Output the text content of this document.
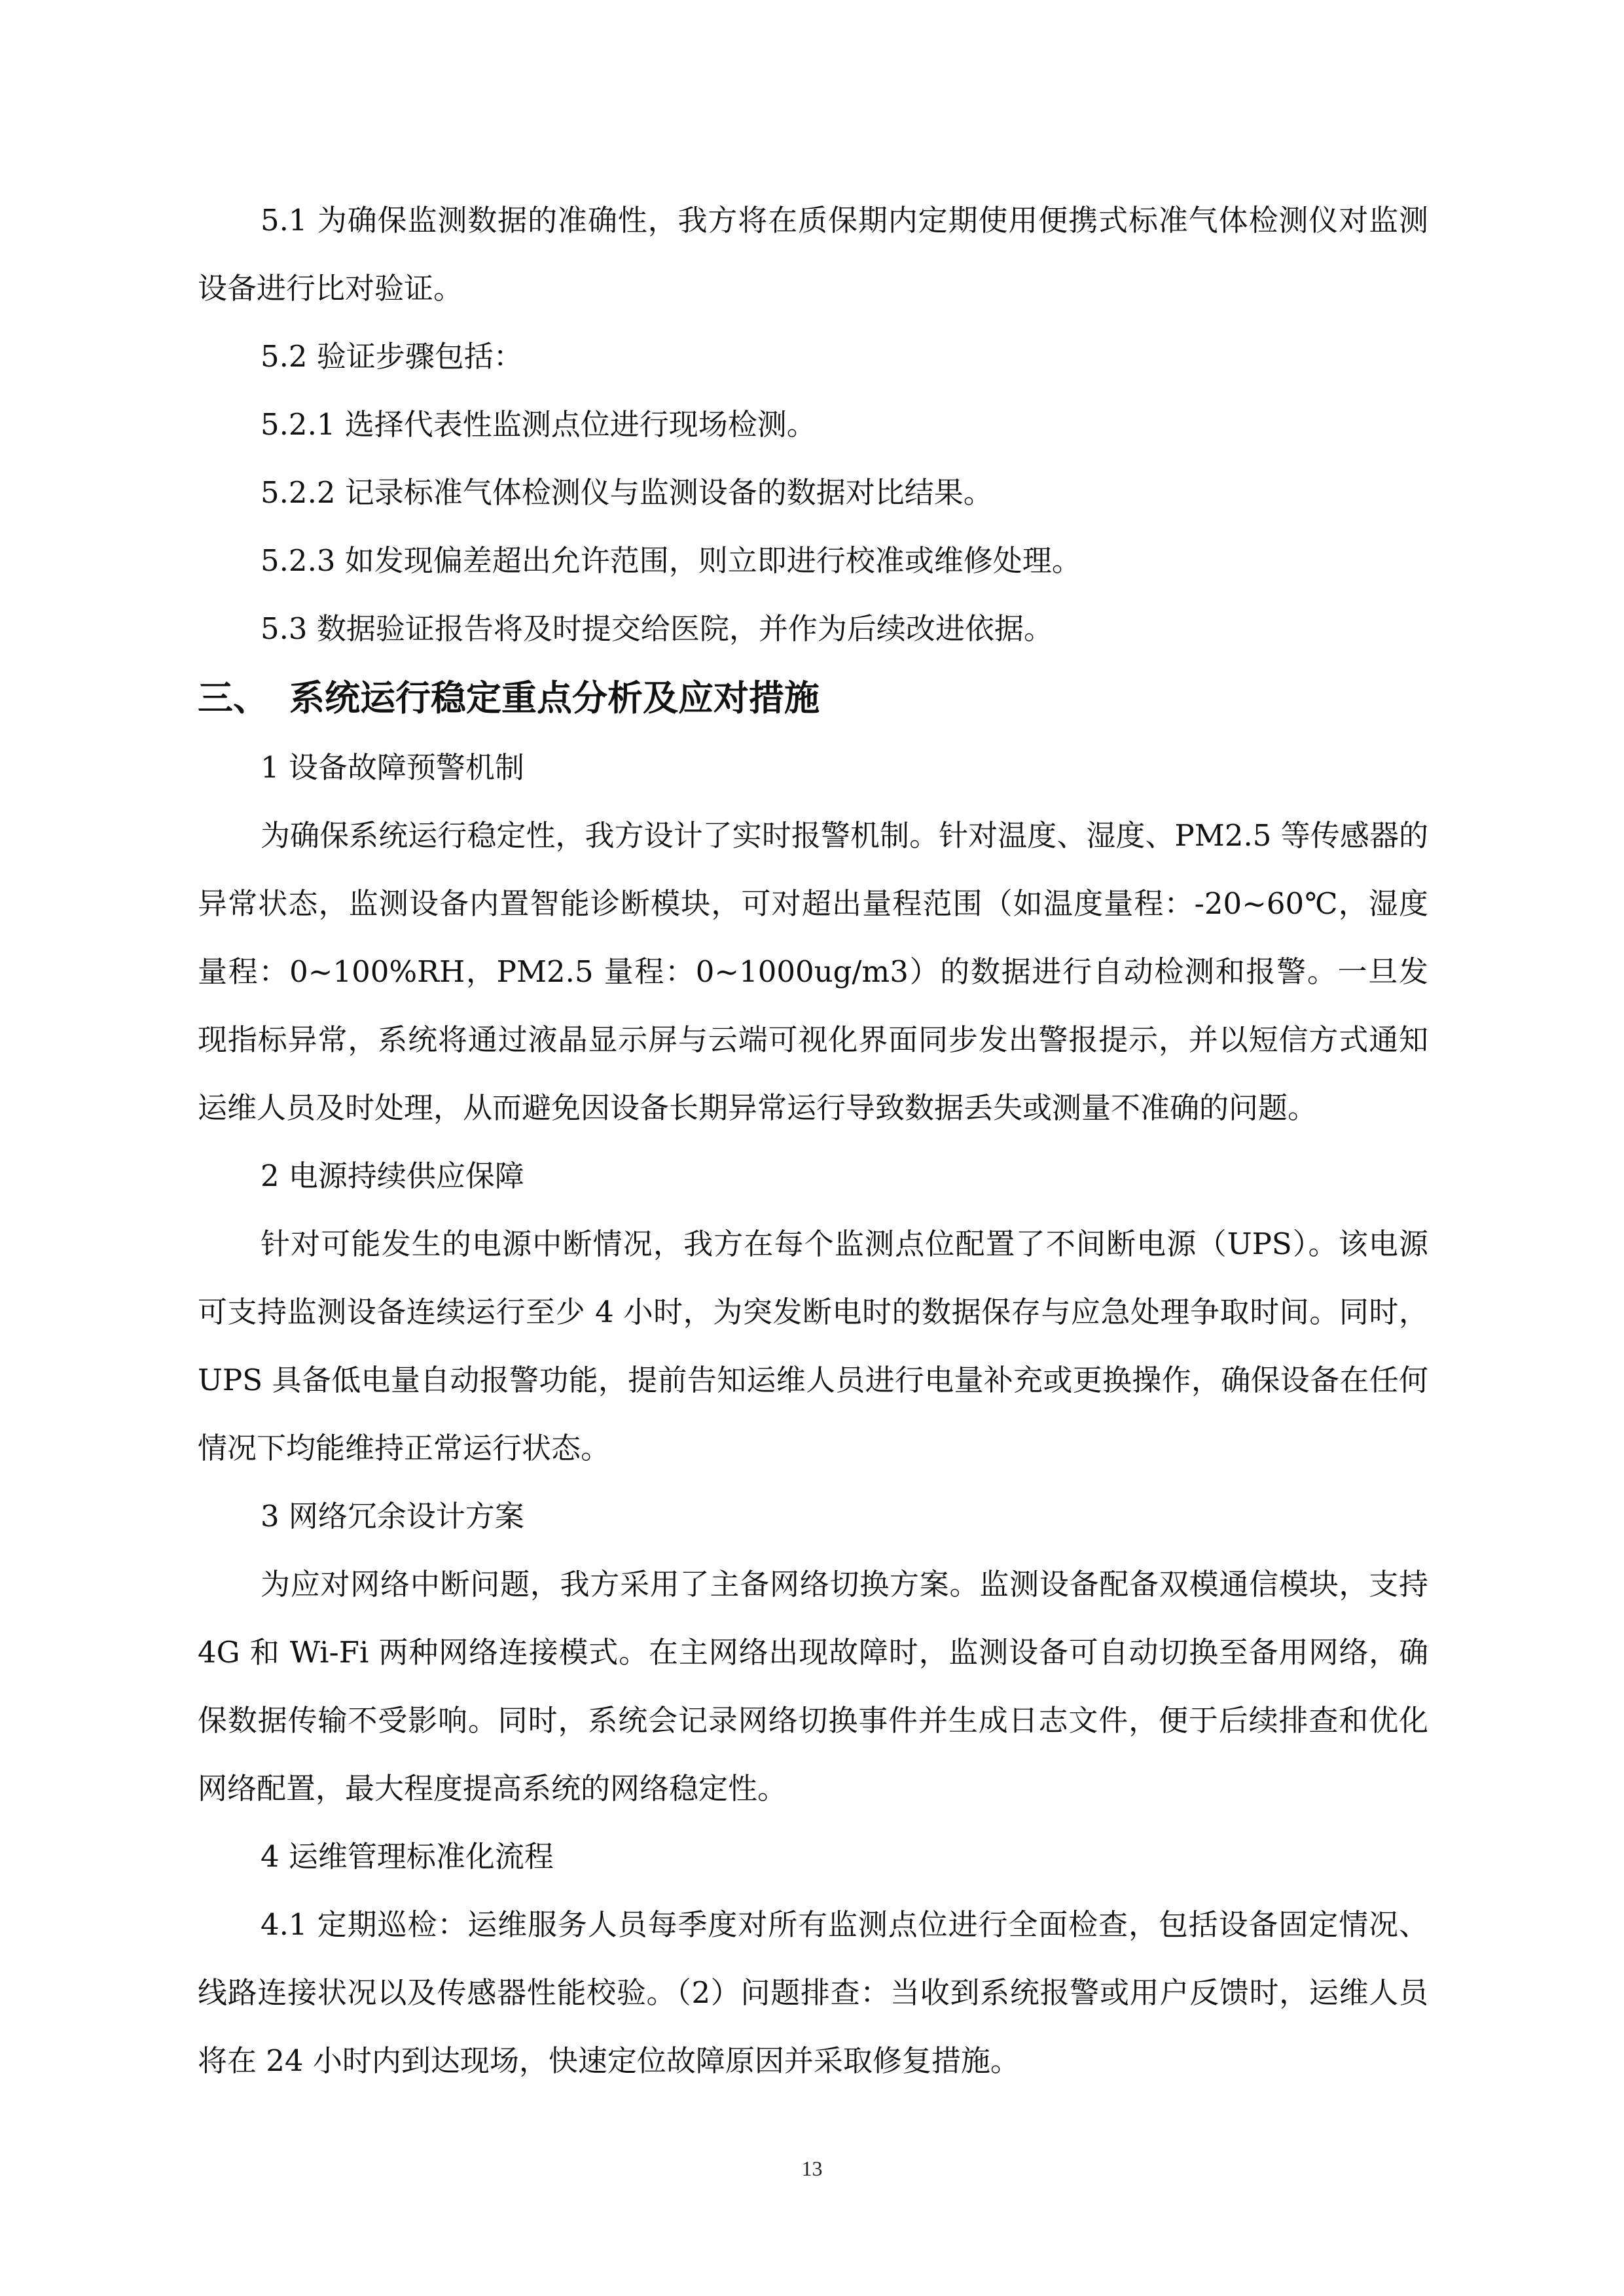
5.1 为确保监测数据的准确性，我方将在质保期内定期使用便携式标准气体检测仪对监测设备进行比对验证。

5.2 验证步骤包括：

5.2.1 选择代表性监测点位进行现场检测。

5.2.2 记录标准气体检测仪与监测设备的数据对比结果。

5.2.3 如发现偏差超出允许范围，则立即进行校准或维修处理。

5.3 数据验证报告将及时提交给医院，并作为后续改进依据。

三、 系统运行稳定重点分析及应对措施

1 设备故障预警机制

为确保系统运行稳定性，我方设计了实时报警机制。针对温度、湿度、PM2.5 等传感器的异常状态，监测设备内置智能诊断模块，可对超出量程范围（如温度量程：-20~60℃，湿度量程：0~100%RH，PM2.5 量程：0~1000ug/m3）的数据进行自动检测和报警。一旦发现指标异常，系统将通过液晶显示屏与云端可视化界面同步发出警报提示，并以短信方式通知运维人员及时处理，从而避免因设备长期异常运行导致数据丢失或测量不准确的问题。

2 电源持续供应保障

针对可能发生的电源中断情况，我方在每个监测点位配置了不间断电源（UPS）。该电源可支持监测设备连续运行至少 4 小时，为突发断电时的数据保存与应急处理争取时间。同时，UPS 具备低电量自动报警功能，提前告知运维人员进行电量补充或更换操作，确保设备在任何情况下均能维持正常运行状态。

3 网络冗余设计方案

为应对网络中断问题，我方采用了主备网络切换方案。监测设备配备双模通信模块，支持 4G 和 Wi-Fi 两种网络连接模式。在主网络出现故障时，监测设备可自动切换至备用网络，确保数据传输不受影响。同时，系统会记录网络切换事件并生成日志文件，便于后续排查和优化网络配置，最大程度提高系统的网络稳定性。

4 运维管理标准化流程

4.1 定期巡检：运维服务人员每季度对所有监测点位进行全面检查，包括设备固定情况、线路连接状况以及传感器性能校验。（2）问题排查：当收到系统报警或用户反馈时，运维人员将在 24 小时内到达现场，快速定位故障原因并采取修复措施。

13
